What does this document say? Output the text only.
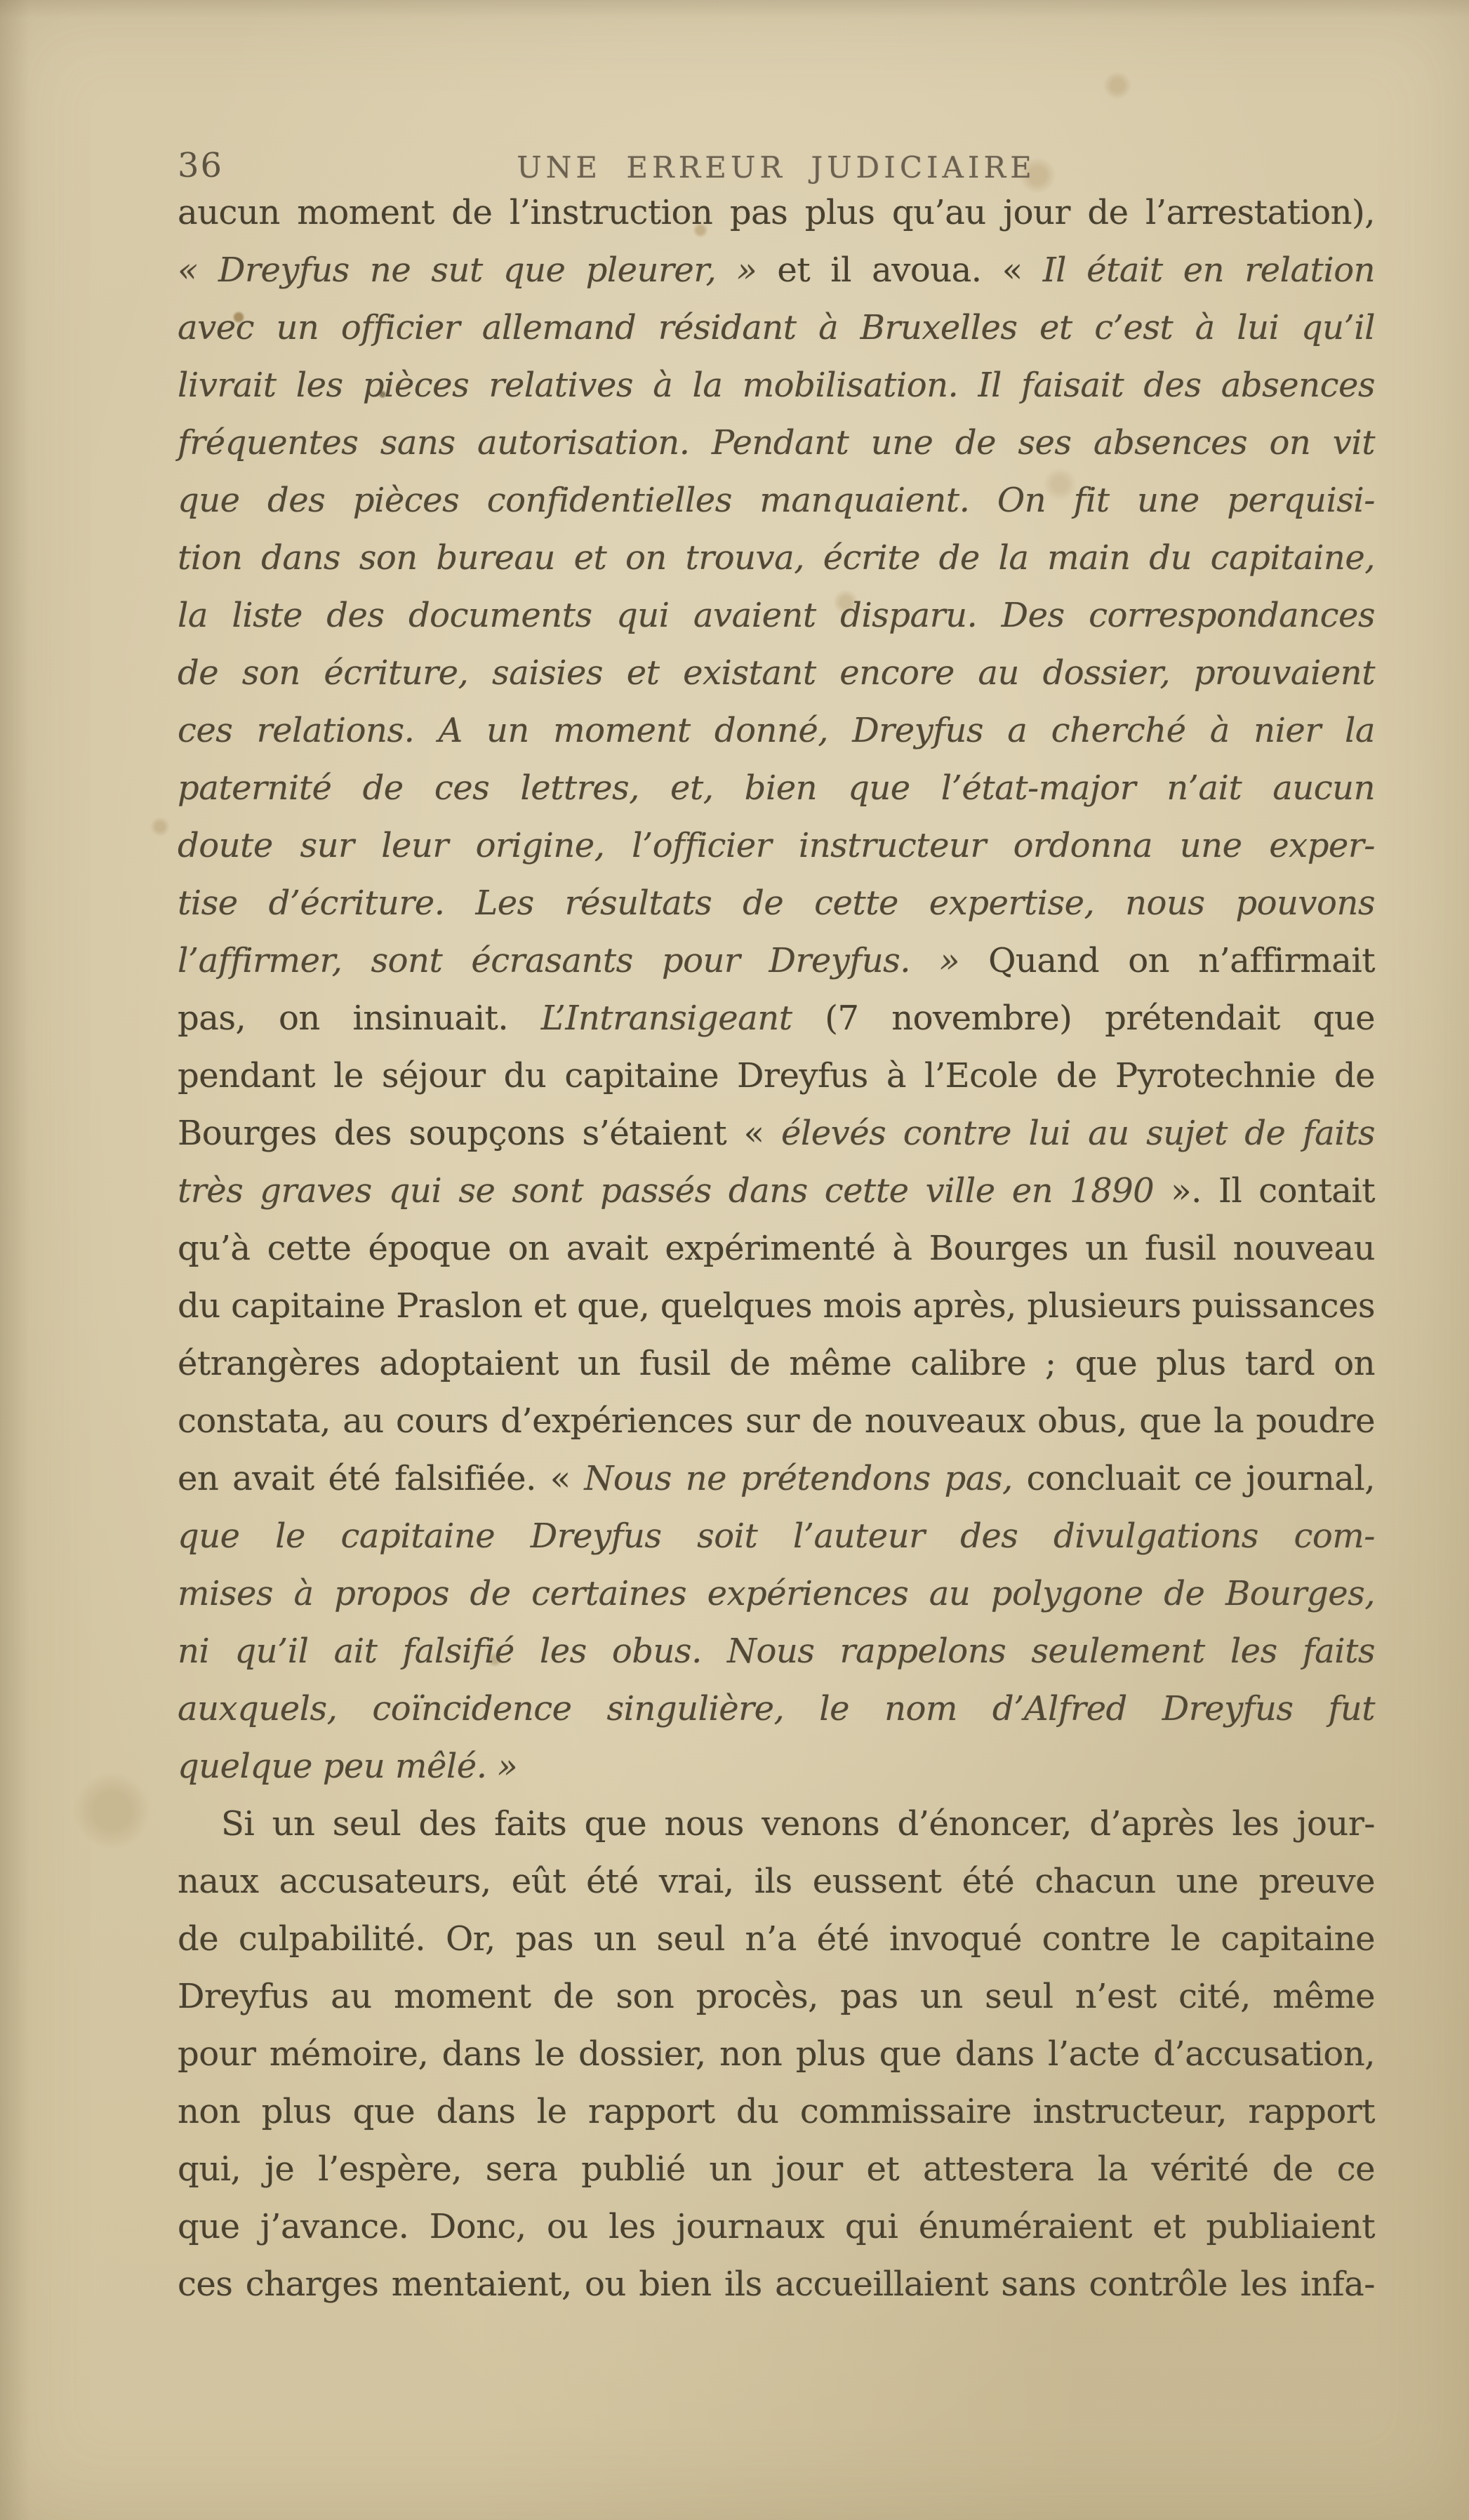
36	UNE ERREUR JUDICIAIRE
aucun moment de l’instruction pas plus qu’au jour de l’arrestation),
« Dreyfus ne sut que pleurer, » et il avoua. « Il était en relation
avec un officier allemand résidant à Bruxelles et c’est à lui qu’il
livrait les pièces relatives à la mobilisation. Il faisait des absences
fréquentes sans autorisation. Pendant une de ses absences on vit
que des pièces confidentielles manquaient. On fit une perquisi-
tion dans son bureau et on trouva, écrite de la main du capitaine,
la liste des documents qui avaient disparu. Des correspondances
de son écriture, saisies et existant encore au dossier, prouvaient
ces relations. A un moment donné, Dreyfus a cherché à nier la
paternité de ces lettres, et, bien que l’état-major n’ait aucun
doute sur leur origine, l’officier instructeur ordonna une exper-
tise d’écriture. Les résultats de cette expertise, nous pouvons
l’affirmer, sont écrasants pour Dreyfus. » Quand on n’affirmait
pas, on insinuait. L’Intransigeant (7 novembre) prétendait que
pendant le séjour du capitaine Dreyfus à l’Ecole de Pyrotechnie de
Bourges des soupçons s’étaient « élevés contre lui au sujet de faits
très graves qui se sont passés dans cette ville en 1890 ». Il contait
qu’à cette époque on avait expérimenté à Bourges un fusil nouveau
du capitaine Praslon et que, quelques mois après, plusieurs puissances
étrangères adoptaient un fusil de même calibre ; que plus tard on
constata, au cours d’expériences sur de nouveaux obus, que la poudre
en avait été falsifiée. « Nous ne prétendons pas, concluait ce journal,
que le capitaine Dreyfus soit l’auteur des divulgations com-
mises à propos de certaines expériences au polygone de Bourges,
ni qu’il ait falsifié les obus. Nous rappelons seulement les faits
auxquels, coïncidence singulière, le nom d’Alfred Dreyfus fut
quelque peu mêlé. »
Si un seul des faits que nous venons d’énoncer, d’après les jour-
naux accusateurs, eût été vrai, ils eussent été chacun une preuve
de culpabilité. Or, pas un seul n’a été invoqué contre le capitaine
Dreyfus au moment de son procès, pas un seul n’est cité, même
pour mémoire, dans le dossier, non plus que dans l’acte d’accusation,
non plus que dans le rapport du commissaire instructeur, rapport
qui, je l’espère, sera publié un jour et attestera la vérité de ce
que j’avance. Donc, ou les journaux qui énuméraient et publiaient
ces charges mentaient, ou bien ils accueillaient sans contrôle les infa-
